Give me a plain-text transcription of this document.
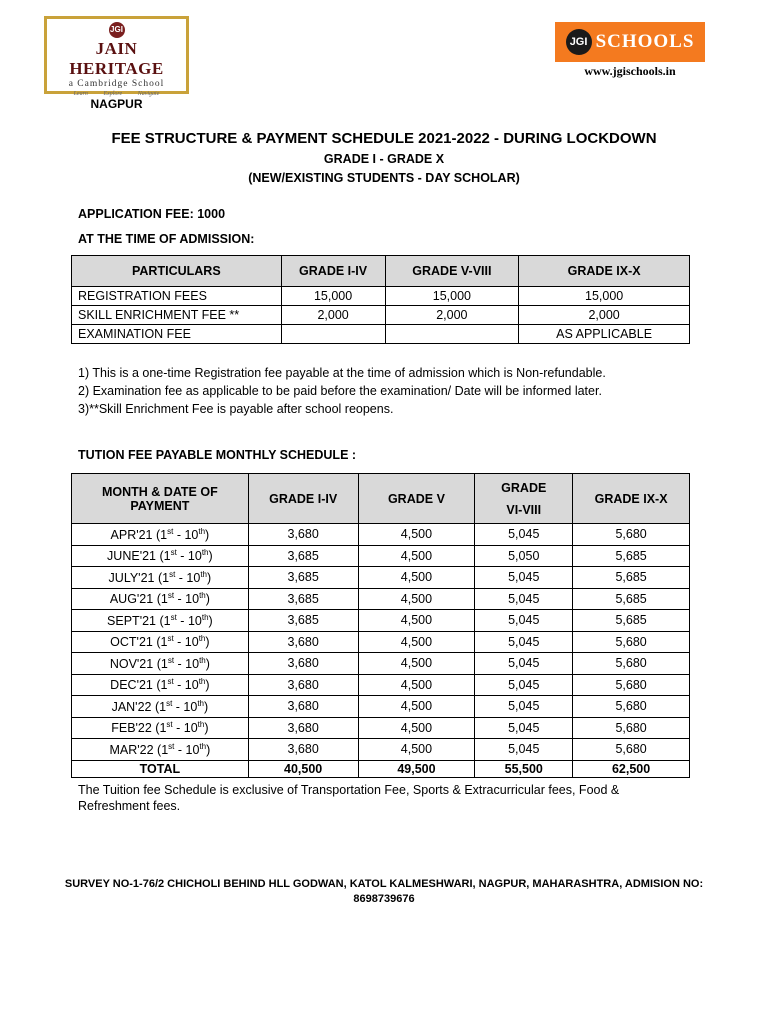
JGI
JAIN HERITAGE
a Cambridge School
Learn	Explore	Navigate
NAGPUR
JGI SCHOOLS
www.jgischools.in
FEE STRUCTURE & PAYMENT SCHEDULE 2021-2022 - DURING LOCKDOWN
GRADE I - GRADE X
(NEW/EXISTING STUDENTS - DAY SCHOLAR)
APPLICATION FEE: 1000
AT THE TIME OF ADMISSION:
PARTICULARS	GRADE I-IV	GRADE V-VIII	GRADE IX-X
REGISTRATION FEES	15,000	15,000	15,000
SKILL ENRICHMENT FEE **	2,000	2,000	2,000
EXAMINATION FEE			AS APPLICABLE
1) This is a one-time Registration fee payable at the time of admission which is Non-refundable.
2) Examination fee as applicable to be paid before the examination/ Date will be informed later.
3)**Skill Enrichment Fee is payable after school reopens.
TUTION FEE PAYABLE MONTHLY SCHEDULE :
MONTH & DATE OF PAYMENT	GRADE I-IV	GRADE V	GRADE
VI-VIII	GRADE IX-X
APR'21 (1st - 10th)	3,680	4,500	5,045	5,680
JUNE'21 (1st - 10th)	3,685	4,500	5,050	5,685
JULY'21 (1st - 10th)	3,685	4,500	5,045	5,685
AUG'21 (1st - 10th)	3,685	4,500	5,045	5,685
SEPT'21 (1st - 10th)	3,685	4,500	5,045	5,685
OCT'21 (1st - 10th)	3,680	4,500	5,045	5,680
NOV'21 (1st - 10th)	3,680	4,500	5,045	5,680
DEC'21 (1st - 10th)	3,680	4,500	5,045	5,680
JAN'22 (1st - 10th)	3,680	4,500	5,045	5,680
FEB'22 (1st - 10th)	3,680	4,500	5,045	5,680
MAR'22 (1st - 10th)	3,680	4,500	5,045	5,680
TOTAL	40,500	49,500	55,500	62,500
The Tuition fee Schedule is exclusive of Transportation Fee, Sports & Extracurricular fees, Food & Refreshment fees.
SURVEY NO-1-76/2 CHICHOLI BEHIND HLL GODWAN, KATOL KALMESHWARI, NAGPUR, MAHARASHTRA, ADMISION NO: 8698739676
